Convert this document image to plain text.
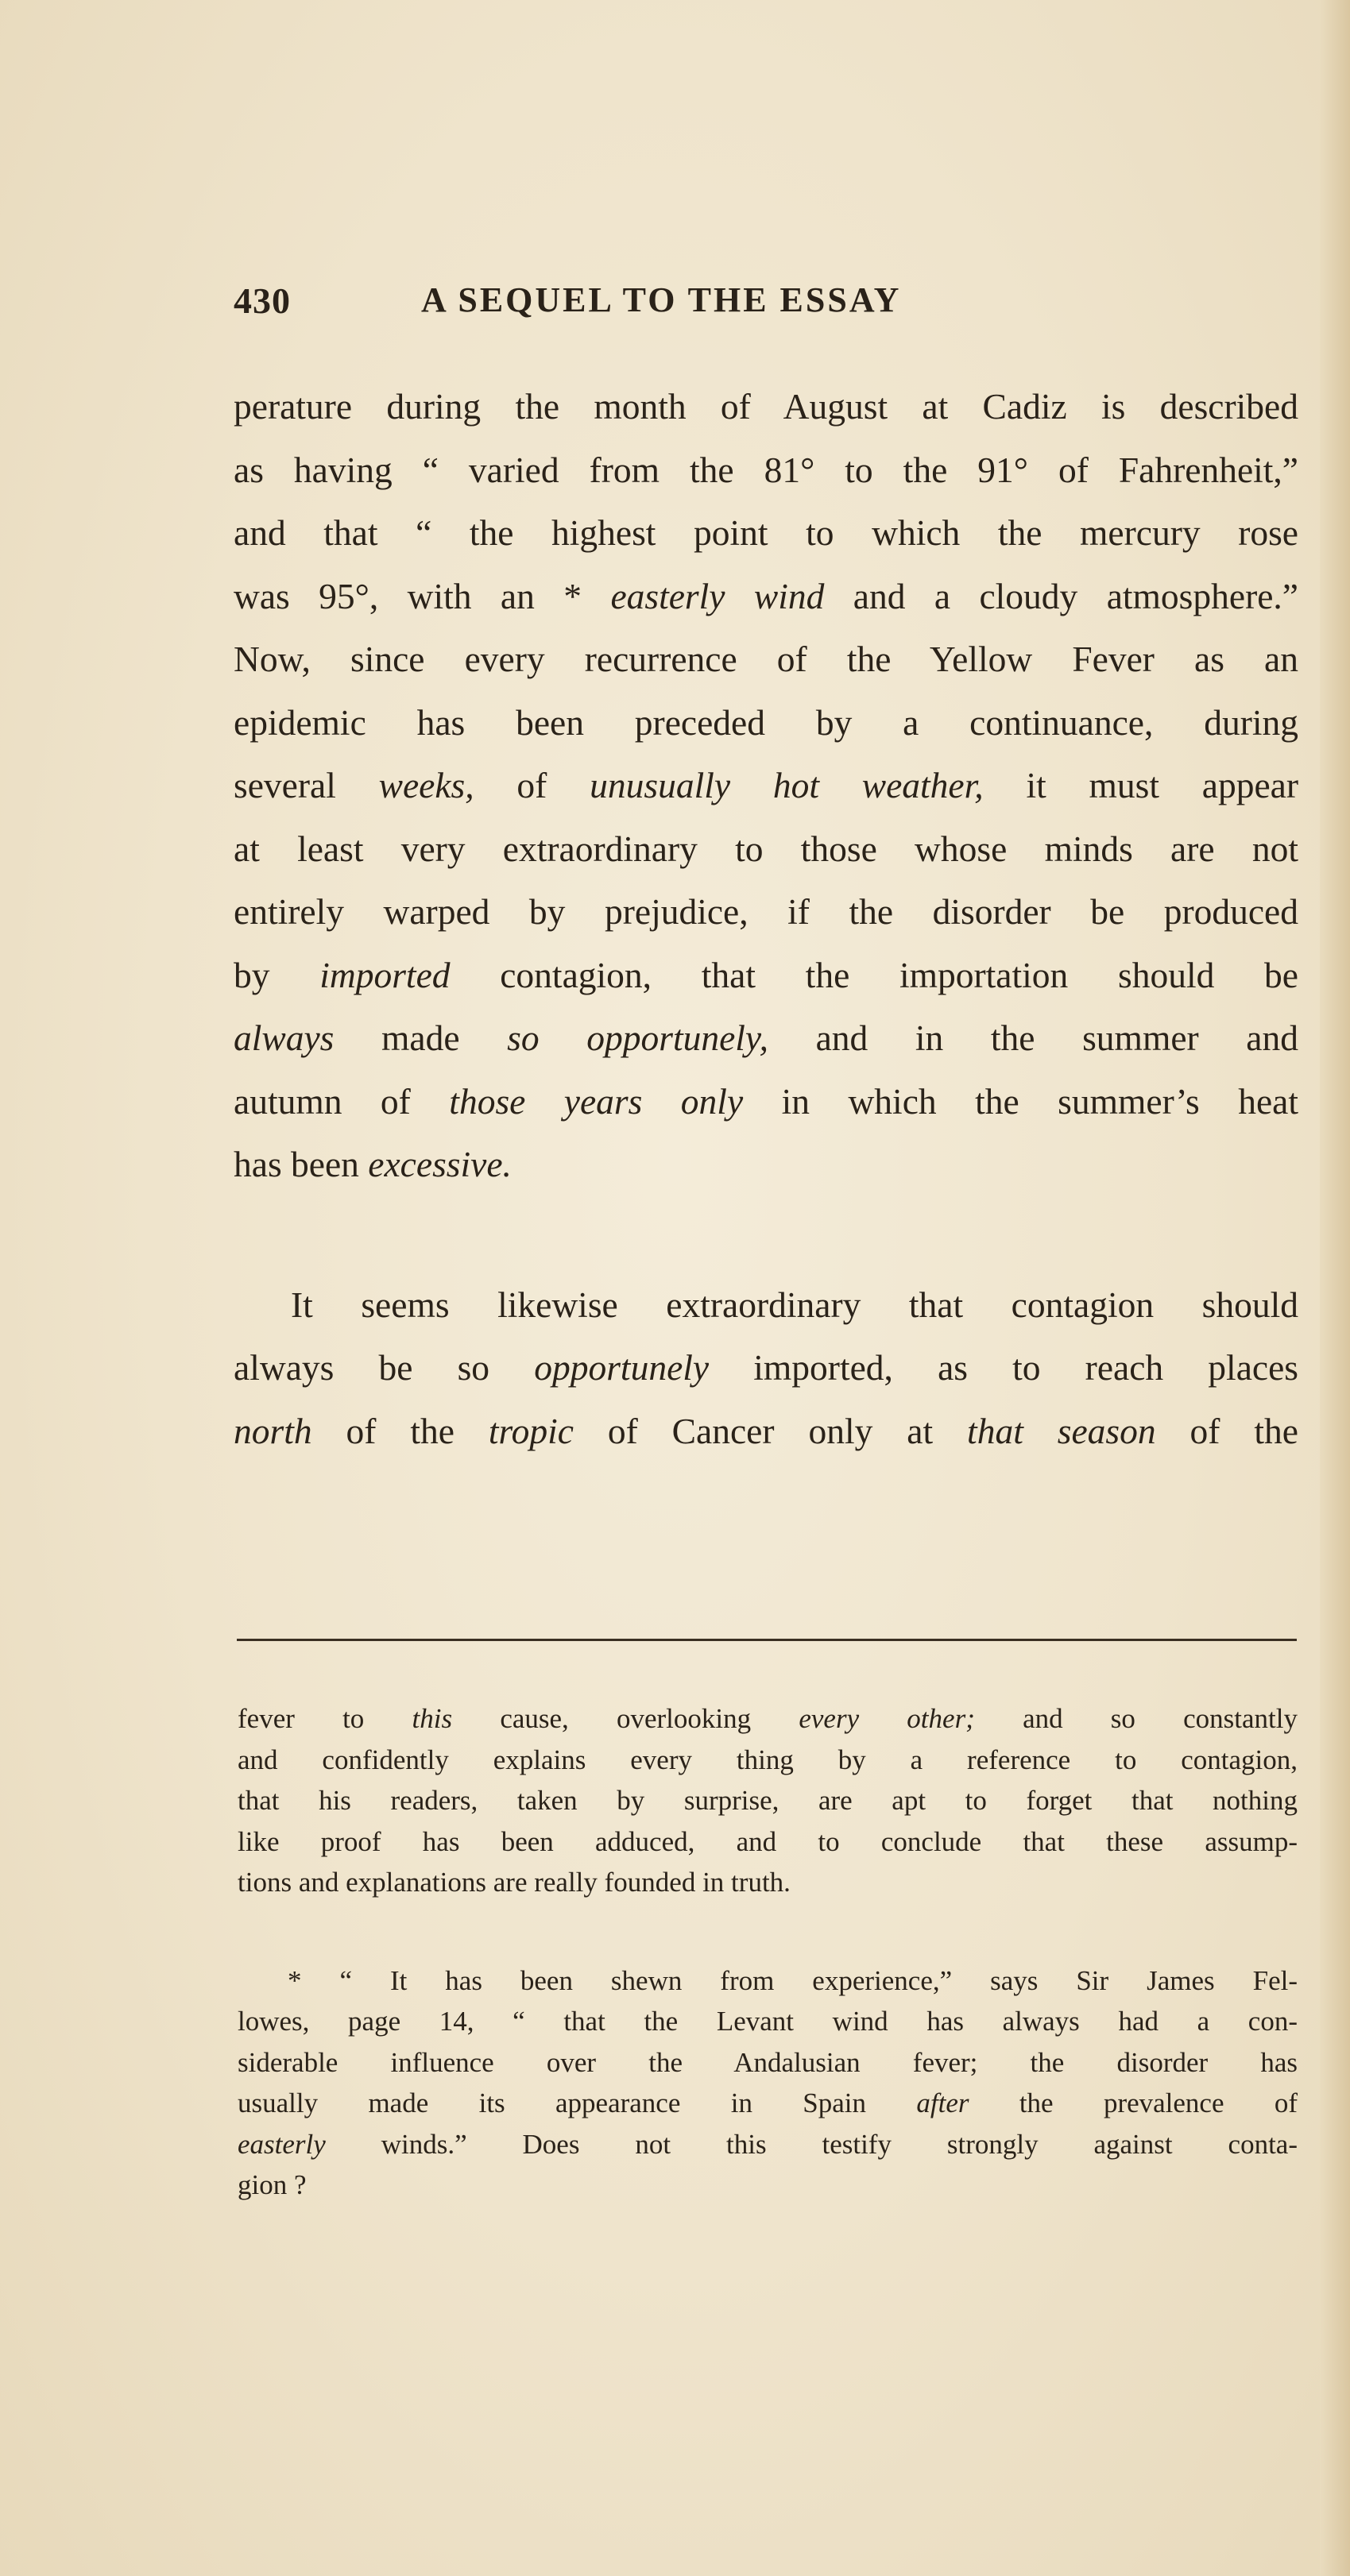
430	A SEQUEL TO THE ESSAY
perature during the month of August at Cadiz is described
as having “ varied from the 81° to the 91° of Fahrenheit,”
and that “ the highest point to which the mercury rose
was 95°, with an * easterly wind and a cloudy atmosphere.”
Now, since every recurrence of the Yellow Fever as an
epidemic has been preceded by a continuance, during
several weeks, of unusually hot weather, it must appear
at least very extraordinary to those whose minds are not
entirely warped by prejudice, if the disorder be produced
by imported contagion, that the importation should be
always made so opportunely, and in the summer and
autumn of those years only in which the summer’s heat
has been excessive.
It seems likewise extraordinary that contagion should
always be so opportunely imported, as to reach places
north of the tropic of Cancer only at that season of the
fever to this cause, overlooking every other; and so constantly
and confidently explains every thing by a reference to contagion,
that his readers, taken by surprise, are apt to forget that nothing
like proof has been adduced, and to conclude that these assump-
tions and explanations are really founded in truth.
* “ It has been shewn from experience,” says Sir James Fel-
lowes, page 14, “ that the Levant wind has always had a con-
siderable influence over the Andalusian fever; the disorder has
usually made its appearance in Spain after the prevalence of
easterly winds.” Does not this testify strongly against conta-
gion ?
